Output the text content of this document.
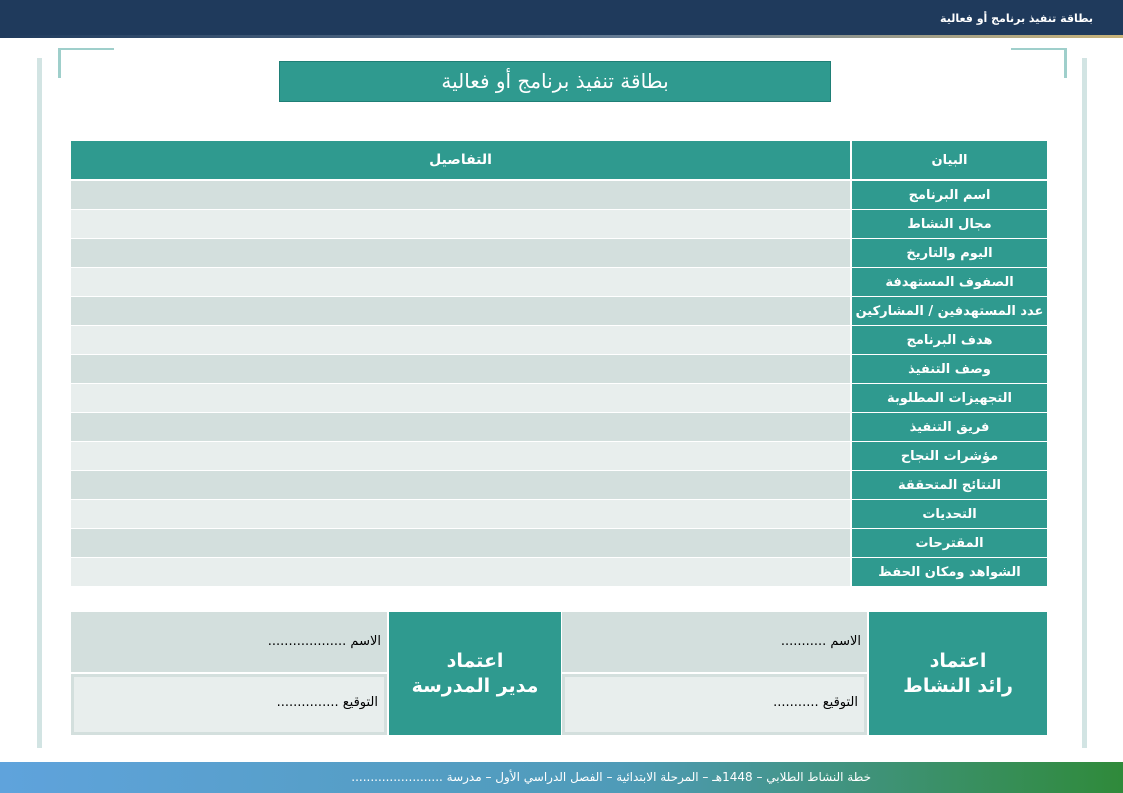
بطاقة تنفيذ برنامج أو فعالية
بطاقة تنفيذ برنامج أو فعالية
البيان
التفاصيل
اسم البرنامج
مجال النشاط
اليوم والتاريخ
الصفوف المستهدفة
عدد المستهدفين / المشاركين
هدف البرنامج
وصف التنفيذ
التجهيزات المطلوبة
فريق التنفيذ
مؤشرات النجاح
النتائج المتحققة
التحديات
المقترحات
الشواهد ومكان الحفظ
اعتماد
رائد النشاط
الاسم ...........
التوقيع ...........
اعتماد
مدير المدرسة
الاسم ...................
التوقيع ...............
خطة النشاط الطلابي – 1448هـ – المرحلة الابتدائية – الفصل الدراسي الأول – مدرسة ........................
